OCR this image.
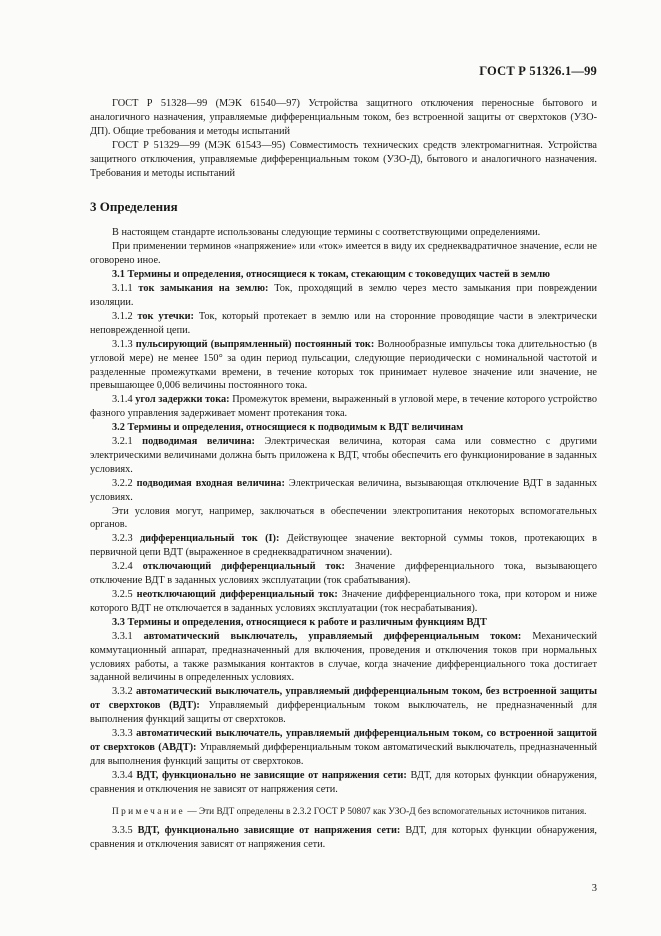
ГОСТ Р 51326.1—99

ГОСТ Р 51328—99 (МЭК 61540—97) Устройства защитного отключения переносные бытового и аналогичного назначения, управляемые дифференциальным током, без встроенной защиты от сверхтоков (УЗО-ДП). Общие требования и методы испытаний

ГОСТ Р 51329—99 (МЭК 61543—95) Совместимость технических средств электромагнитная. Устройства защитного отключения, управляемые дифференциальным током (УЗО-Д), бытового и аналогичного назначения. Требования и методы испытаний

3 Определения

В настоящем стандарте использованы следующие термины с соответствующими определениями.

При применении терминов «напряжение» или «ток» имеется в виду их среднеквадратичное значение, если не оговорено иное.

3.1 Термины и определения, относящиеся к токам, стекающим с токоведущих частей в землю

3.1.1 ток замыкания на землю: Ток, проходящий в землю через место замыкания при повреждении изоляции.

3.1.2 ток утечки: Ток, который протекает в землю или на сторонние проводящие части в электрически неповрежденной цепи.

3.1.3 пульсирующий (выпрямленный) постоянный ток: Волнообразные импульсы тока длительностью (в угловой мере) не менее 150° за один период пульсации, следующие периодически с номинальной частотой и разделенные промежутками времени, в течение которых ток принимает нулевое значение или значение, не превышающее 0,006 величины постоянного тока.

3.1.4 угол задержки тока: Промежуток времени, выраженный в угловой мере, в течение которого устройство фазного управления задерживает момент протекания тока.

3.2 Термины и определения, относящиеся к подводимым к ВДТ величинам

3.2.1 подводимая величина: Электрическая величина, которая сама или совместно с другими электрическими величинами должна быть приложена к ВДТ, чтобы обеспечить его функционирование в заданных условиях.

3.2.2 подводимая входная величина: Электрическая величина, вызывающая отключение ВДТ в заданных условиях.

Эти условия могут, например, заключаться в обеспечении электропитания некоторых вспомогательных органов.

3.2.3 дифференциальный ток (I): Действующее значение векторной суммы токов, протекающих в первичной цепи ВДТ (выраженное в среднеквадратичном значении).

3.2.4 отключающий дифференциальный ток: Значение дифференциального тока, вызывающего отключение ВДТ в заданных условиях эксплуатации (ток срабатывания).

3.2.5 неотключающий дифференциальный ток: Значение дифференциального тока, при котором и ниже которого ВДТ не отключается в заданных условиях эксплуатации (ток несрабатывания).

3.3 Термины и определения, относящиеся к работе и различным функциям ВДТ

3.3.1 автоматический выключатель, управляемый дифференциальным током: Механический коммутационный аппарат, предназначенный для включения, проведения и отключения токов при нормальных условиях работы, а также размыкания контактов в случае, когда значение дифференциального тока достигает заданной величины в определенных условиях.

3.3.2 автоматический выключатель, управляемый дифференциальным током, без встроенной защиты от сверхтоков (ВДТ): Управляемый дифференциальным током выключатель, не предназначенный для выполнения функций защиты от сверхтоков.

3.3.3 автоматический выключатель, управляемый дифференциальным током, со встроенной защитой от сверхтоков (АВДТ): Управляемый дифференциальным током автоматический выключатель, предназначенный для выполнения функций защиты от сверхтоков.

3.3.4 ВДТ, функционально не зависящие от напряжения сети: ВДТ, для которых функции обнаружения, сравнения и отключения не зависят от напряжения сети.

Примечание — Эти ВДТ определены в 2.3.2 ГОСТ Р 50807 как УЗО-Д без вспомогательных источников питания.

3.3.5 ВДТ, функционально зависящие от напряжения сети: ВДТ, для которых функции обнаружения, сравнения и отключения зависят от напряжения сети.

3
